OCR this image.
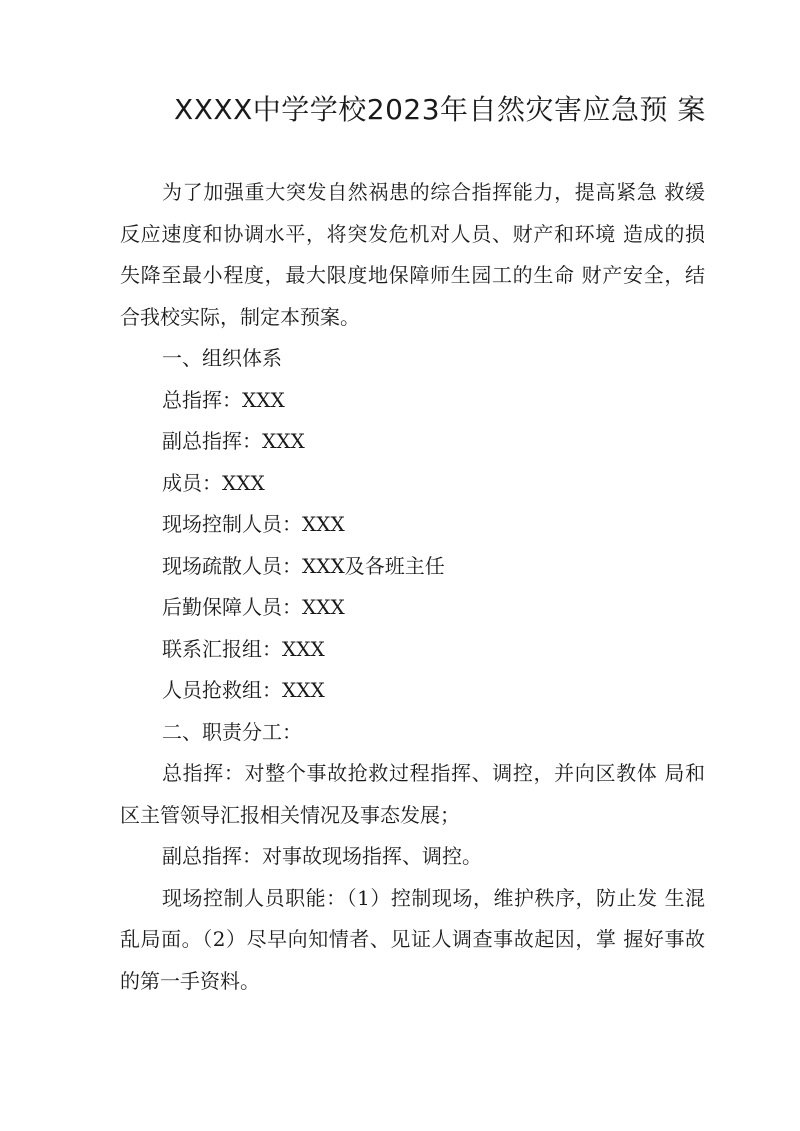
XXXX中学学校2023年自然灾害应急预 案

为了加强重大突发自然祸患的综合指挥能力，提高紧急 救缓反应速度和协调水平，将突发危机对人员、财产和环境 造成的损失降至最小程度，最大限度地保障师生园工的生命 财产安全，结合我校实际，制定本预案。

一、组织体系

总指挥：XXX

副总指挥：XXX

成员：XXX

现场控制人员：XXX

现场疏散人员：XXX及各班主任

后勤保障人员：XXX

联系汇报组：XXX

人员抢救组：XXX

二、职责分工：

总指挥：对整个事故抢救过程指挥、调控，并向区教体 局和区主管领导汇报相关情况及事态发展；

副总指挥：对事故现场指挥、调控。

现场控制人员职能：（1）控制现场，维护秩序，防止发 生混乱局面。（2）尽早向知情者、见证人调查事故起因，掌 握好事故的第一手资料。
